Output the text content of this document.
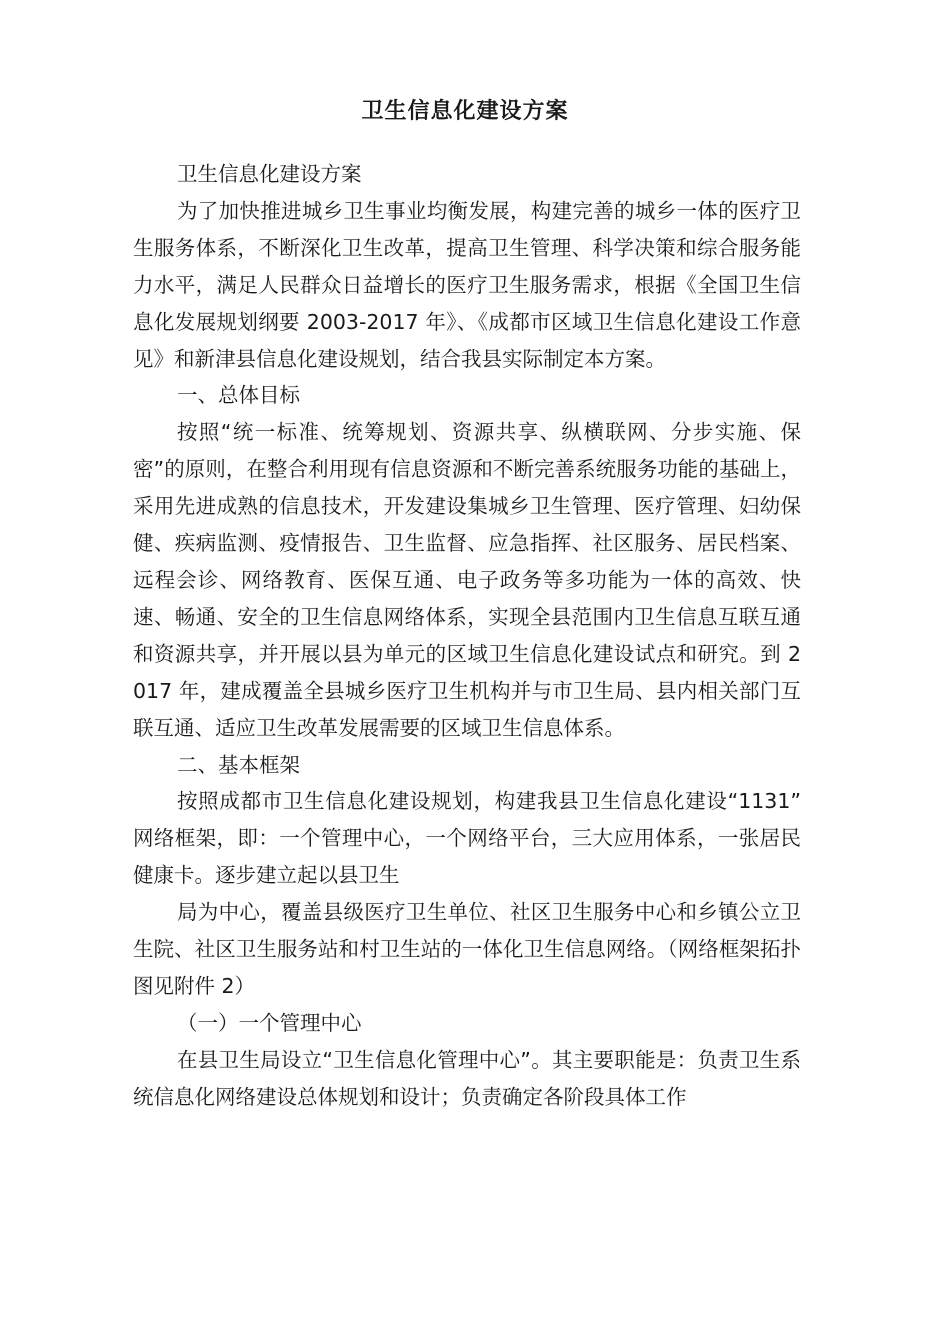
卫生信息化建设方案

卫生信息化建设方案

为了加快推进城乡卫生事业均衡发展，构建完善的城乡一体的医疗卫生服务体系，不断深化卫生改革，提高卫生管理、科学决策和综合服务能力水平，满足人民群众日益增长的医疗卫生服务需求，根据《全国卫生信息化发展规划纲要 2003-2017 年》、《成都市区域卫生信息化建设工作意见》和新津县信息化建设规划，结合我县实际制定本方案。

一、总体目标

按照“统一标准、统筹规划、资源共享、纵横联网、分步实施、保密”的原则，在整合利用现有信息资源和不断完善系统服务功能的基础上，采用先进成熟的信息技术，开发建设集城乡卫生管理、医疗管理、妇幼保健、疾病监测、疫情报告、卫生监督、应急指挥、社区服务、居民档案、远程会诊、网络教育、医保互通、电子政务等多功能为一体的高效、快速、畅通、安全的卫生信息网络体系，实现全县范围内卫生信息互联互通和资源共享，并开展以县为单元的区域卫生信息化建设试点和研究。到 2017 年，建成覆盖全县城乡医疗卫生机构并与市卫生局、县内相关部门互联互通、适应卫生改革发展需要的区域卫生信息体系。

二、基本框架

按照成都市卫生信息化建设规划，构建我县卫生信息化建设“1131” 网络框架，即：一个管理中心，一个网络平台，三大应用体系，一张居民健康卡。逐步建立起以县卫生

局为中心，覆盖县级医疗卫生单位、社区卫生服务中心和乡镇公立卫生院、社区卫生服务站和村卫生站的一体化卫生信息网络。（网络框架拓扑图见附件 2）

（一）一个管理中心

在县卫生局设立“卫生信息化管理中心”。其主要职能是：负责卫生系统信息化网络建设总体规划和设计；负责确定各阶段具体工作
